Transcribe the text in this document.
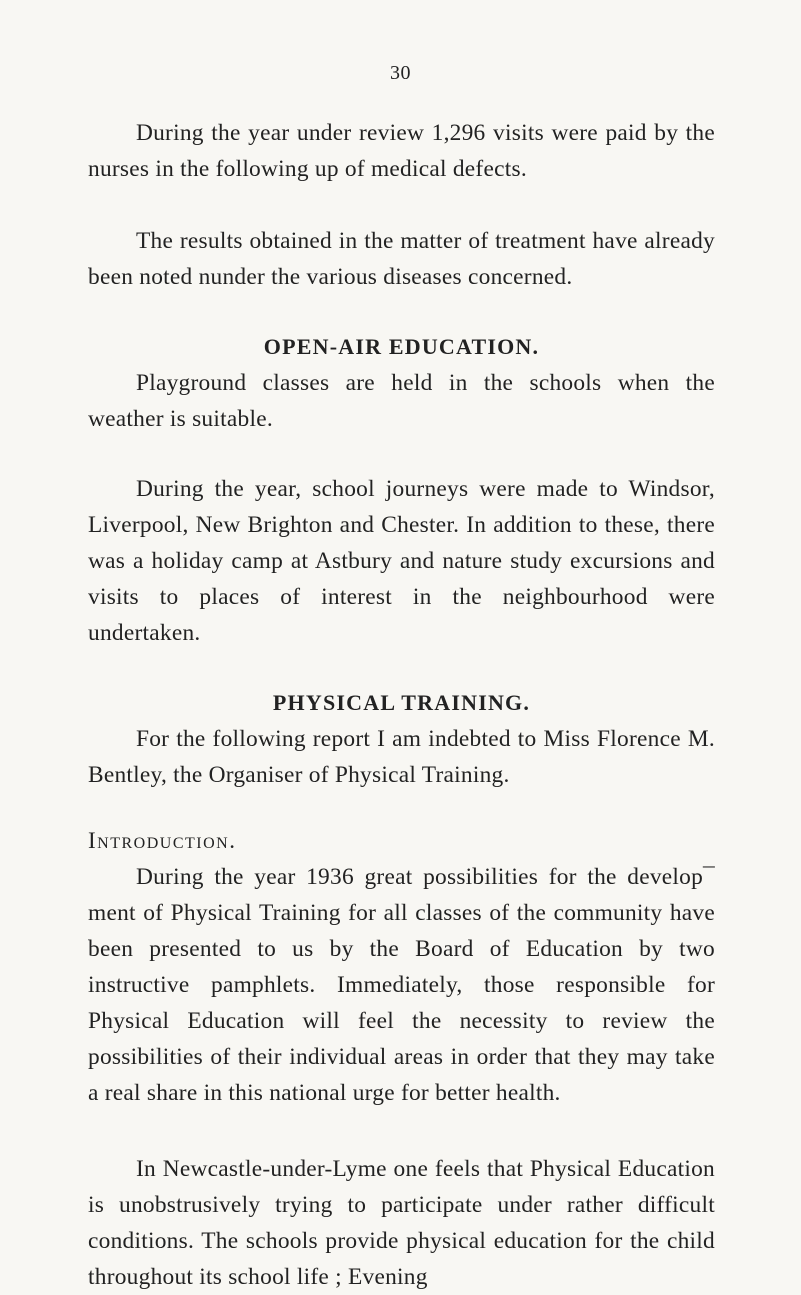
30

During the year under review 1,296 visits were paid by the nurses in the following up of medical defects.

The results obtained in the matter of treatment have already been noted nunder the various diseases concerned.

OPEN-AIR EDUCATION.

Playground classes are held in the schools when the weather is suitable.

During the year, school journeys were made to Windsor, Liverpool, New Brighton and Chester. In addition to these, there was a holiday camp at Astbury and nature study excursions and visits to places of interest in the neighbourhood were undertaken.

PHYSICAL TRAINING.

For the following report I am indebted to Miss Florence M. Bentley, the Organiser of Physical Training.

Introduction.

During the year 1936 great possibilities for the develop¯ ment of Physical Training for all classes of the community have been presented to us by the Board of Education by two instructive pamphlets. Immediately, those responsible for Physical Education will feel the necessity to review the possibilities of their individual areas in order that they may take a real share in this national urge for better health.

In Newcastle-under-Lyme one feels that Physical Education is unobstrusively trying to participate under rather difficult conditions. The schools provide physical education for the child throughout its school life ; Evening
